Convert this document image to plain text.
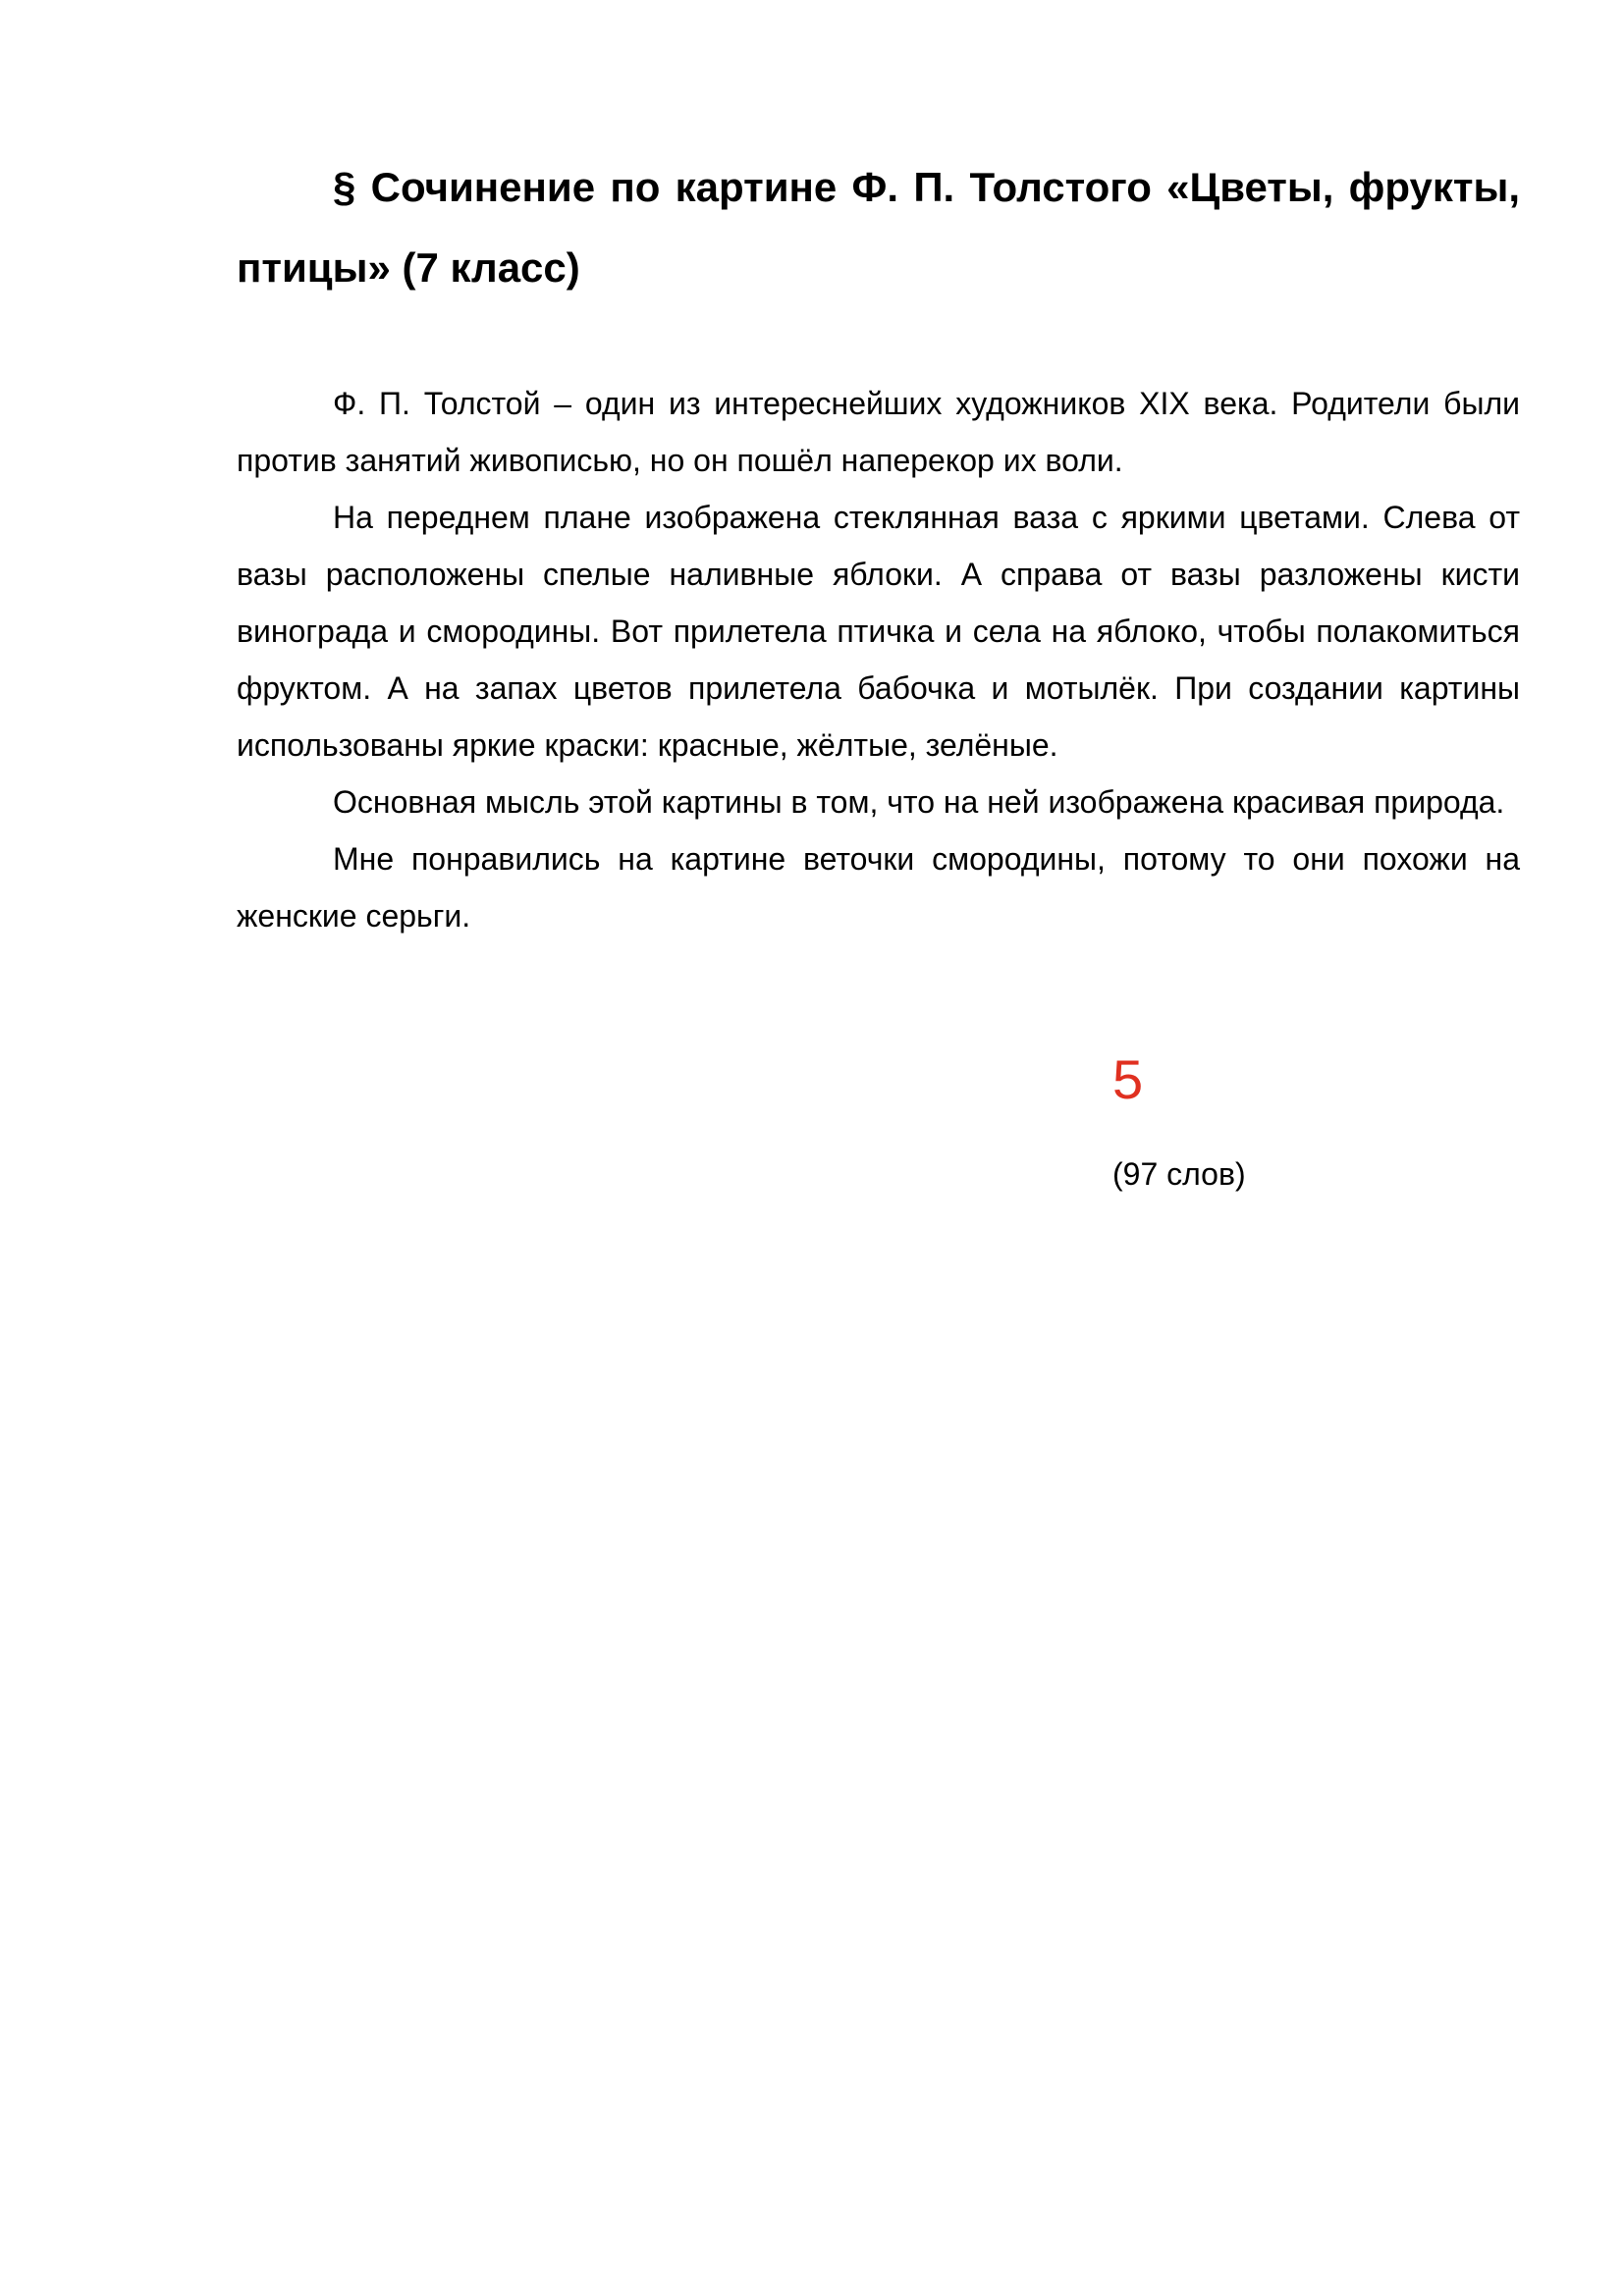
§ Сочинение по картине Ф. П. Толстого «Цветы, фрукты, птицы» (7 класс)

Ф. П. Толстой – один из интереснейших художников XIX века. Родители были против занятий живописью, но он пошёл наперекор их воли.

На переднем плане изображена стеклянная ваза с яркими цветами. Слева от вазы расположены спелые наливные яблоки. А справа от вазы разложены кисти винограда и смородины. Вот прилетела птичка и села на яблоко, чтобы полакомиться фруктом. А на запах цветов прилетела бабочка и мотылёк. При создании картины использованы яркие краски: красные, жёлтые, зелёные.

Основная мысль этой картины в том, что на ней изображена красивая природа.

Мне понравились на картине веточки смородины, потому то они похожи на женские серьги.

5

(97 слов)
